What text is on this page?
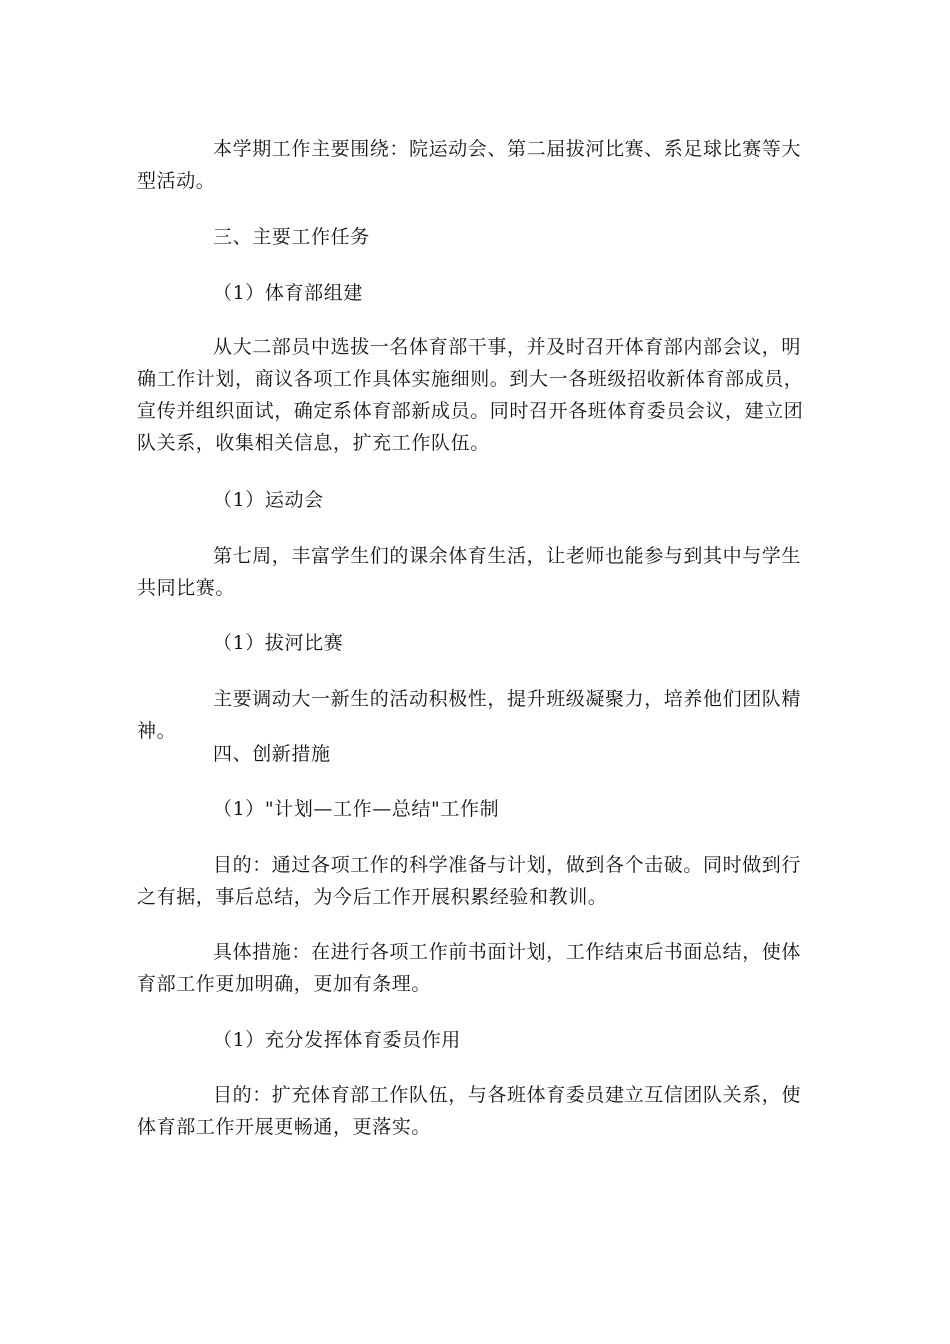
本学期工作主要围绕：院运动会、第二届拔河比赛、系足球比赛等大型活动。

三、主要工作任务

（1）体育部组建

从大二部员中选拔一名体育部干事，并及时召开体育部内部会议，明确工作计划，商议各项工作具体实施细则。到大一各班级招收新体育部成员，宣传并组织面试，确定系体育部新成员。同时召开各班体育委员会议，建立团队关系，收集相关信息，扩充工作队伍。

（1）运动会

第七周，丰富学生们的课余体育生活，让老师也能参与到其中与学生共同比赛。

（1）拔河比赛

主要调动大一新生的活动积极性，提升班级凝聚力，培养他们团队精神。

四、创新措施

（1）"计划—工作—总结"工作制

目的：通过各项工作的科学准备与计划，做到各个击破。同时做到行之有据，事后总结，为今后工作开展积累经验和教训。

具体措施：在进行各项工作前书面计划，工作结束后书面总结，使体育部工作更加明确，更加有条理。

（1）充分发挥体育委员作用

目的：扩充体育部工作队伍，与各班体育委员建立互信团队关系，使体育部工作开展更畅通，更落实。
